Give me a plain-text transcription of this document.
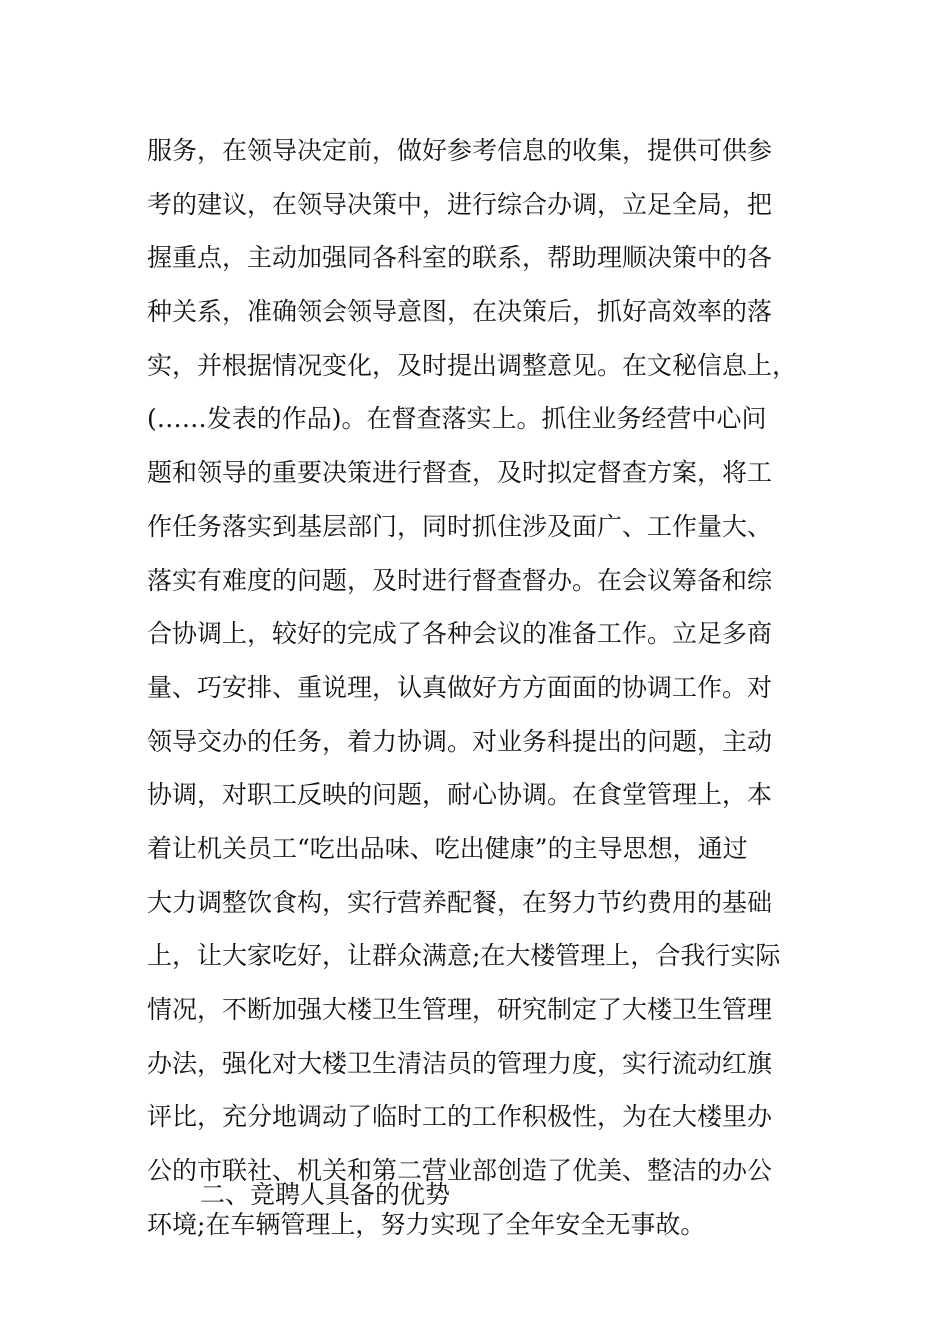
服务，在领导决定前，做好参考信息的收集，提供可供参
考的建议，在领导决策中，进行综合办调，立足全局，把
握重点，主动加强同各科室的联系，帮助理顺决策中的各
种关系，准确领会领导意图，在决策后，抓好高效率的落
实，并根据情况变化，及时提出调整意见。在文秘信息上，
(……发表的作品)。在督查落实上。抓住业务经营中心问
题和领导的重要决策进行督查，及时拟定督查方案，将工
作任务落实到基层部门，同时抓住涉及面广、工作量大、
落实有难度的问题，及时进行督查督办。在会议筹备和综
合协调上，较好的完成了各种会议的准备工作。立足多商
量、巧安排、重说理，认真做好方方面面的协调工作。对
领导交办的任务，着力协调。对业务科提出的问题，主动
协调，对职工反映的问题，耐心协调。在食堂管理上，本
着让机关员工“吃出品味、吃出健康”的主导思想，通过
大力调整饮食构，实行营养配餐，在努力节约费用的基础
上，让大家吃好，让群众满意;在大楼管理上，合我行实际
情况，不断加强大楼卫生管理，研究制定了大楼卫生管理
办法，强化对大楼卫生清洁员的管理力度，实行流动红旗
评比，充分地调动了临时工的工作积极性，为在大楼里办
公的市联社、机关和第二营业部创造了优美、整洁的办公
环境;在车辆管理上，努力实现了全年安全无事故。
二、竞聘人具备的优势
